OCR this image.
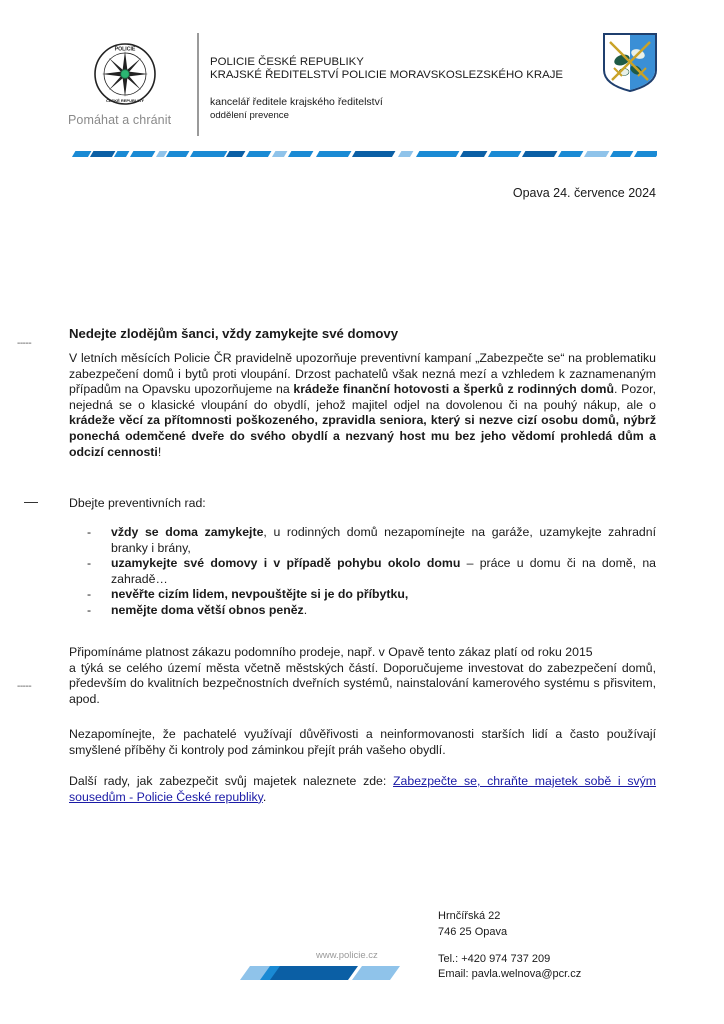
POLICIE
ČESKÉ REPUBLIKY
Pomáhat a chránit
POLICIE ČESKÉ REPUBLIKY
KRAJSKÉ ŘEDITELSTVÍ POLICIE MORAVSKOSLEZSKÉHO KRAJE
kancelář ředitele krajského ředitelství
oddělení prevence
Opava 24. července 2024
-----
-----
Nedejte zlodějům šanci, vždy zamykejte své domovy
V letních měsících Policie ČR pravidelně upozorňuje preventivní kampaní „Zabezpečte se“ na problematiku zabezpečení domů i bytů proti vloupání. Drzost pachatelů však nezná mezí a vzhledem k zaznamenaným případům na Opavsku upozorňujeme na krádeže finanční hotovosti a šperků z rodinných domů. Pozor, nejedná se o klasické vloupání do obydlí, jehož majitel odjel na dovolenou či na pouhý nákup, ale o krádeže věcí za přítomnosti poškozeného, zpravidla seniora, který si nezve cizí osobu domů, nýbrž ponechá odemčené dveře do svého obydlí a nezvaný host mu bez jeho vědomí prohledá dům a odcizí cennosti!
Dbejte preventivních rad:
- vždy se doma zamykejte, u rodinných domů nezapomínejte na garáže, uzamykejte zahradní branky i brány,
- uzamykejte své domovy i v případě pohybu okolo domu – práce u domu či na domě, na zahradě…
- nevěřte cizím lidem, nevpouštějte si je do příbytku,
- nemějte doma větší obnos peněz.
Připomínáme platnost zákazu podomního prodeje, např. v Opavě tento zákaz platí od roku 2015
a týká se celého území města včetně městských částí. Doporučujeme investovat do zabezpečení domů, především do kvalitních bezpečnostních dveřních systémů, nainstalování kamerového systému s přisvitem, apod.
Nezapomínejte, že pachatelé využívají důvěřivosti a neinformovanosti starších lidí a často používají smyšlené příběhy či kontroly pod záminkou přejít práh vašeho obydlí.
Další rady, jak zabezpečit svůj majetek naleznete zde: Zabezpečte se, chraňte majetek sobě i svým sousedům - Policie České republiky.
www.policie.cz
Hrnčířská 22
746 25 Opava
Tel.: +420 974 737 209
Email: pavla.welnova@pcr.cz
